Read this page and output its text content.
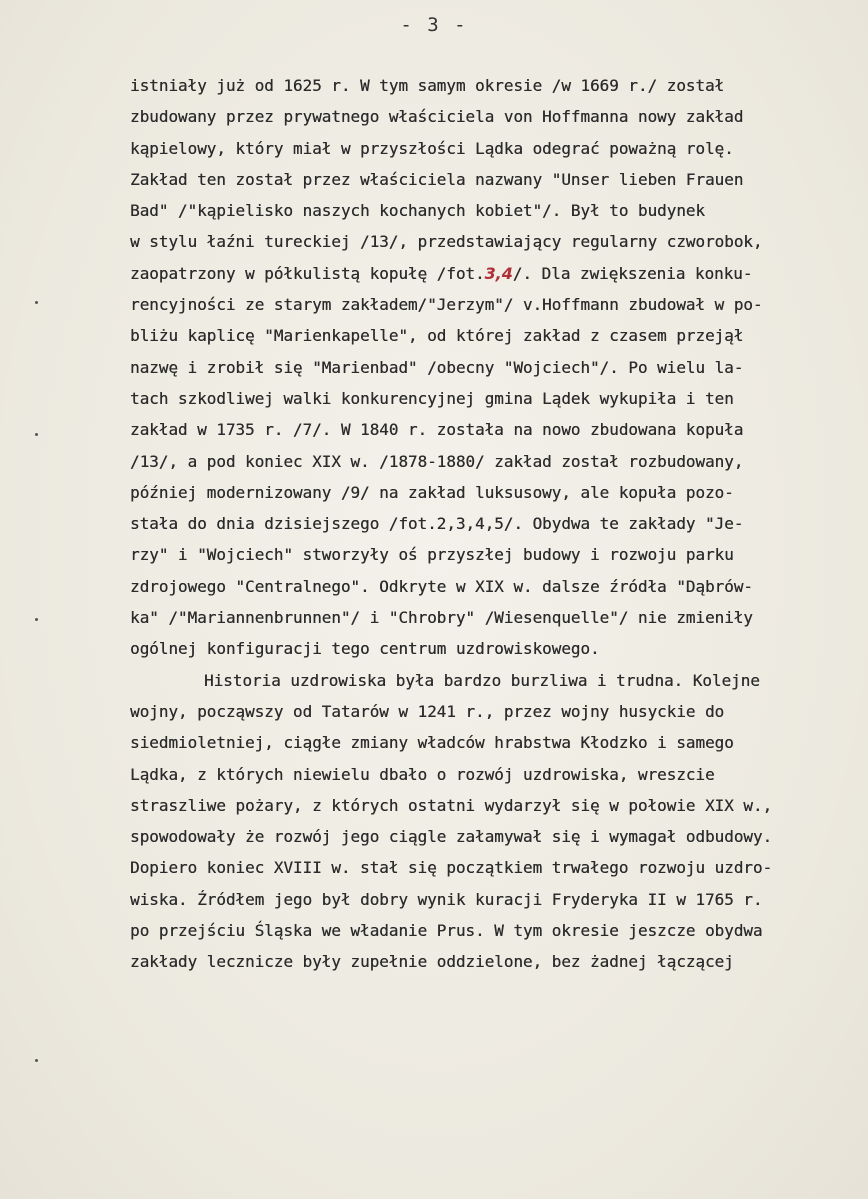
- 3 -
istniały już od 1625 r. W tym samym okresie /w 1669 r./ został
zbudowany przez prywatnego właściciela von Hoffmanna nowy zakład
kąpielowy, który miał w przyszłości Lądka odegrać poważną rolę.
Zakład ten został przez właściciela nazwany "Unser lieben Frauen
Bad" /"kąpielisko naszych kochanych kobiet"/. Był to budynek
w stylu łaźni tureckiej /13/, przedstawiający regularny czworobok,
zaopatrzony w półkulistą kopułę /fot.3,4/. Dla zwiększenia konku-
rencyjności ze starym zakładem/"Jerzym"/ v.Hoffmann zbudował w po-
bliżu kaplicę "Marienkapelle", od której zakład z czasem przejął
nazwę i zrobił się "Marienbad" /obecny "Wojciech"/. Po wielu la-
tach szkodliwej walki konkurencyjnej gmina Lądek wykupiła i ten
zakład w 1735 r. /7/. W 1840 r. została na nowo zbudowana kopuła
/13/, a pod koniec XIX w. /1878-1880/ zakład został rozbudowany,
później modernizowany /9/ na zakład luksusowy, ale kopuła pozo-
stała do dnia dzisiejszego /fot.2,3,4,5/. Obydwa te zakłady "Je-
rzy" i "Wojciech" stworzyły oś przyszłej budowy i rozwoju parku
zdrojowego "Centralnego". Odkryte w XIX w. dalsze źródła "Dąbrów-
ka" /"Mariannenbrunnen"/ i "Chrobry" /Wiesenquelle"/ nie zmieniły
ogólnej konfiguracji tego centrum uzdrowiskowego.
Historia uzdrowiska była bardzo burzliwa i trudna. Kolejne
wojny, począwszy od Tatarów w 1241 r., przez wojny husyckie do
siedmioletniej, ciągłe zmiany władców hrabstwa Kłodzko i samego
Lądka, z których niewielu dbało o rozwój uzdrowiska, wreszcie
straszliwe pożary, z których ostatni wydarzył się w połowie XIX w.,
spowodowały że rozwój jego ciągle załamywał się i wymagał odbudowy.
Dopiero koniec XVIII w. stał się początkiem trwałego rozwoju uzdro-
wiska. Źródłem jego był dobry wynik kuracji Fryderyka II w 1765 r.
po przejściu Śląska we władanie Prus. W tym okresie jeszcze obydwa
zakłady lecznicze były zupełnie oddzielone, bez żadnej łączącej
